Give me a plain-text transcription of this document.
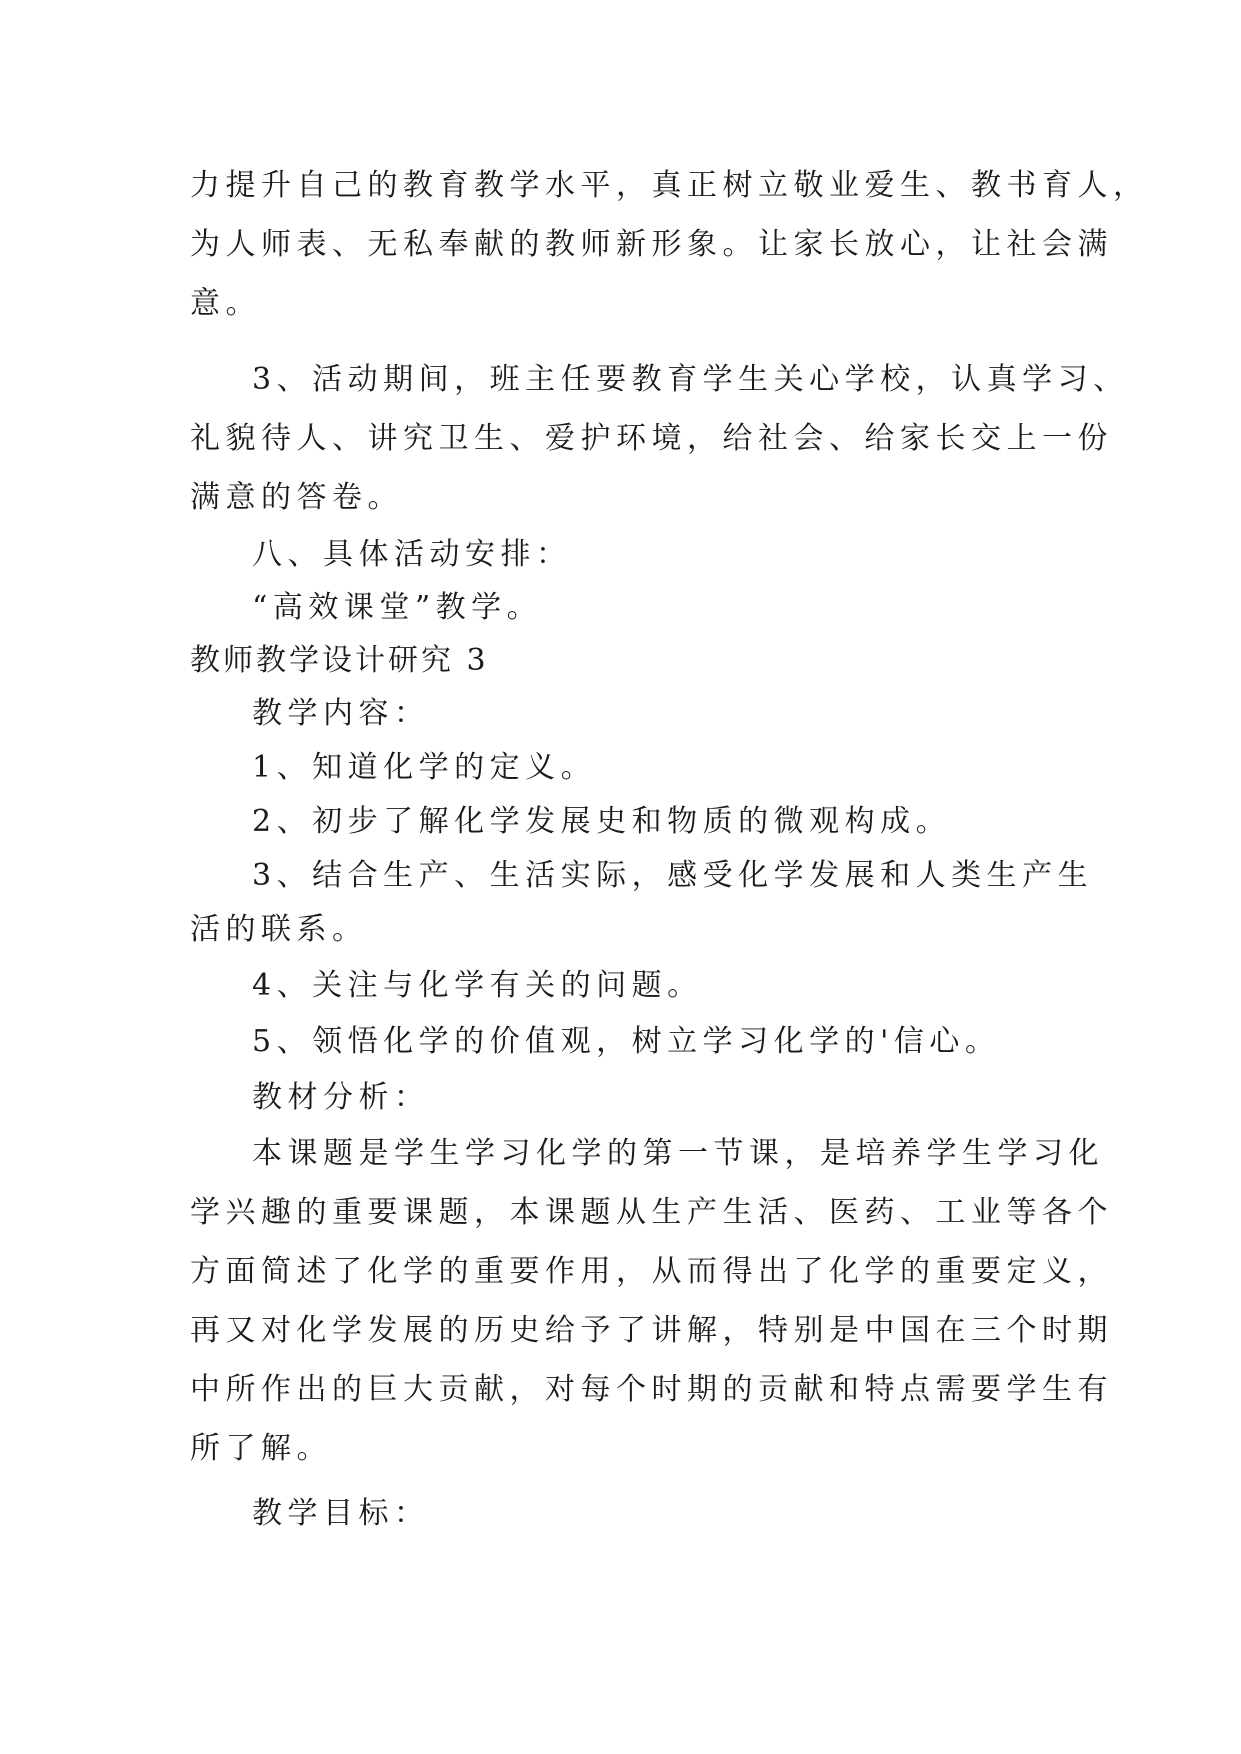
力提升自己的教育教学水平，真正树立敬业爱生、教书育人，
为人师表、无私奉献的教师新形象。让家长放心，让社会满
意。
3、活动期间，班主任要教育学生关心学校，认真学习、
礼貌待人、讲究卫生、爱护环境，给社会、给家长交上一份
满意的答卷。
八、具体活动安排：
“高效课堂”教学。
教师教学设计研究 3
教学内容：
1、知道化学的定义。
2、初步了解化学发展史和物质的微观构成。
3、结合生产、生活实际，感受化学发展和人类生产生
活的联系。
4、关注与化学有关的问题。
5、领悟化学的价值观，树立学习化学的'信心。
教材分析：
本课题是学生学习化学的第一节课，是培养学生学习化
学兴趣的重要课题，本课题从生产生活、医药、工业等各个
方面简述了化学的重要作用，从而得出了化学的重要定义，
再又对化学发展的历史给予了讲解，特别是中国在三个时期
中所作出的巨大贡献，对每个时期的贡献和特点需要学生有
所了解。
教学目标：
